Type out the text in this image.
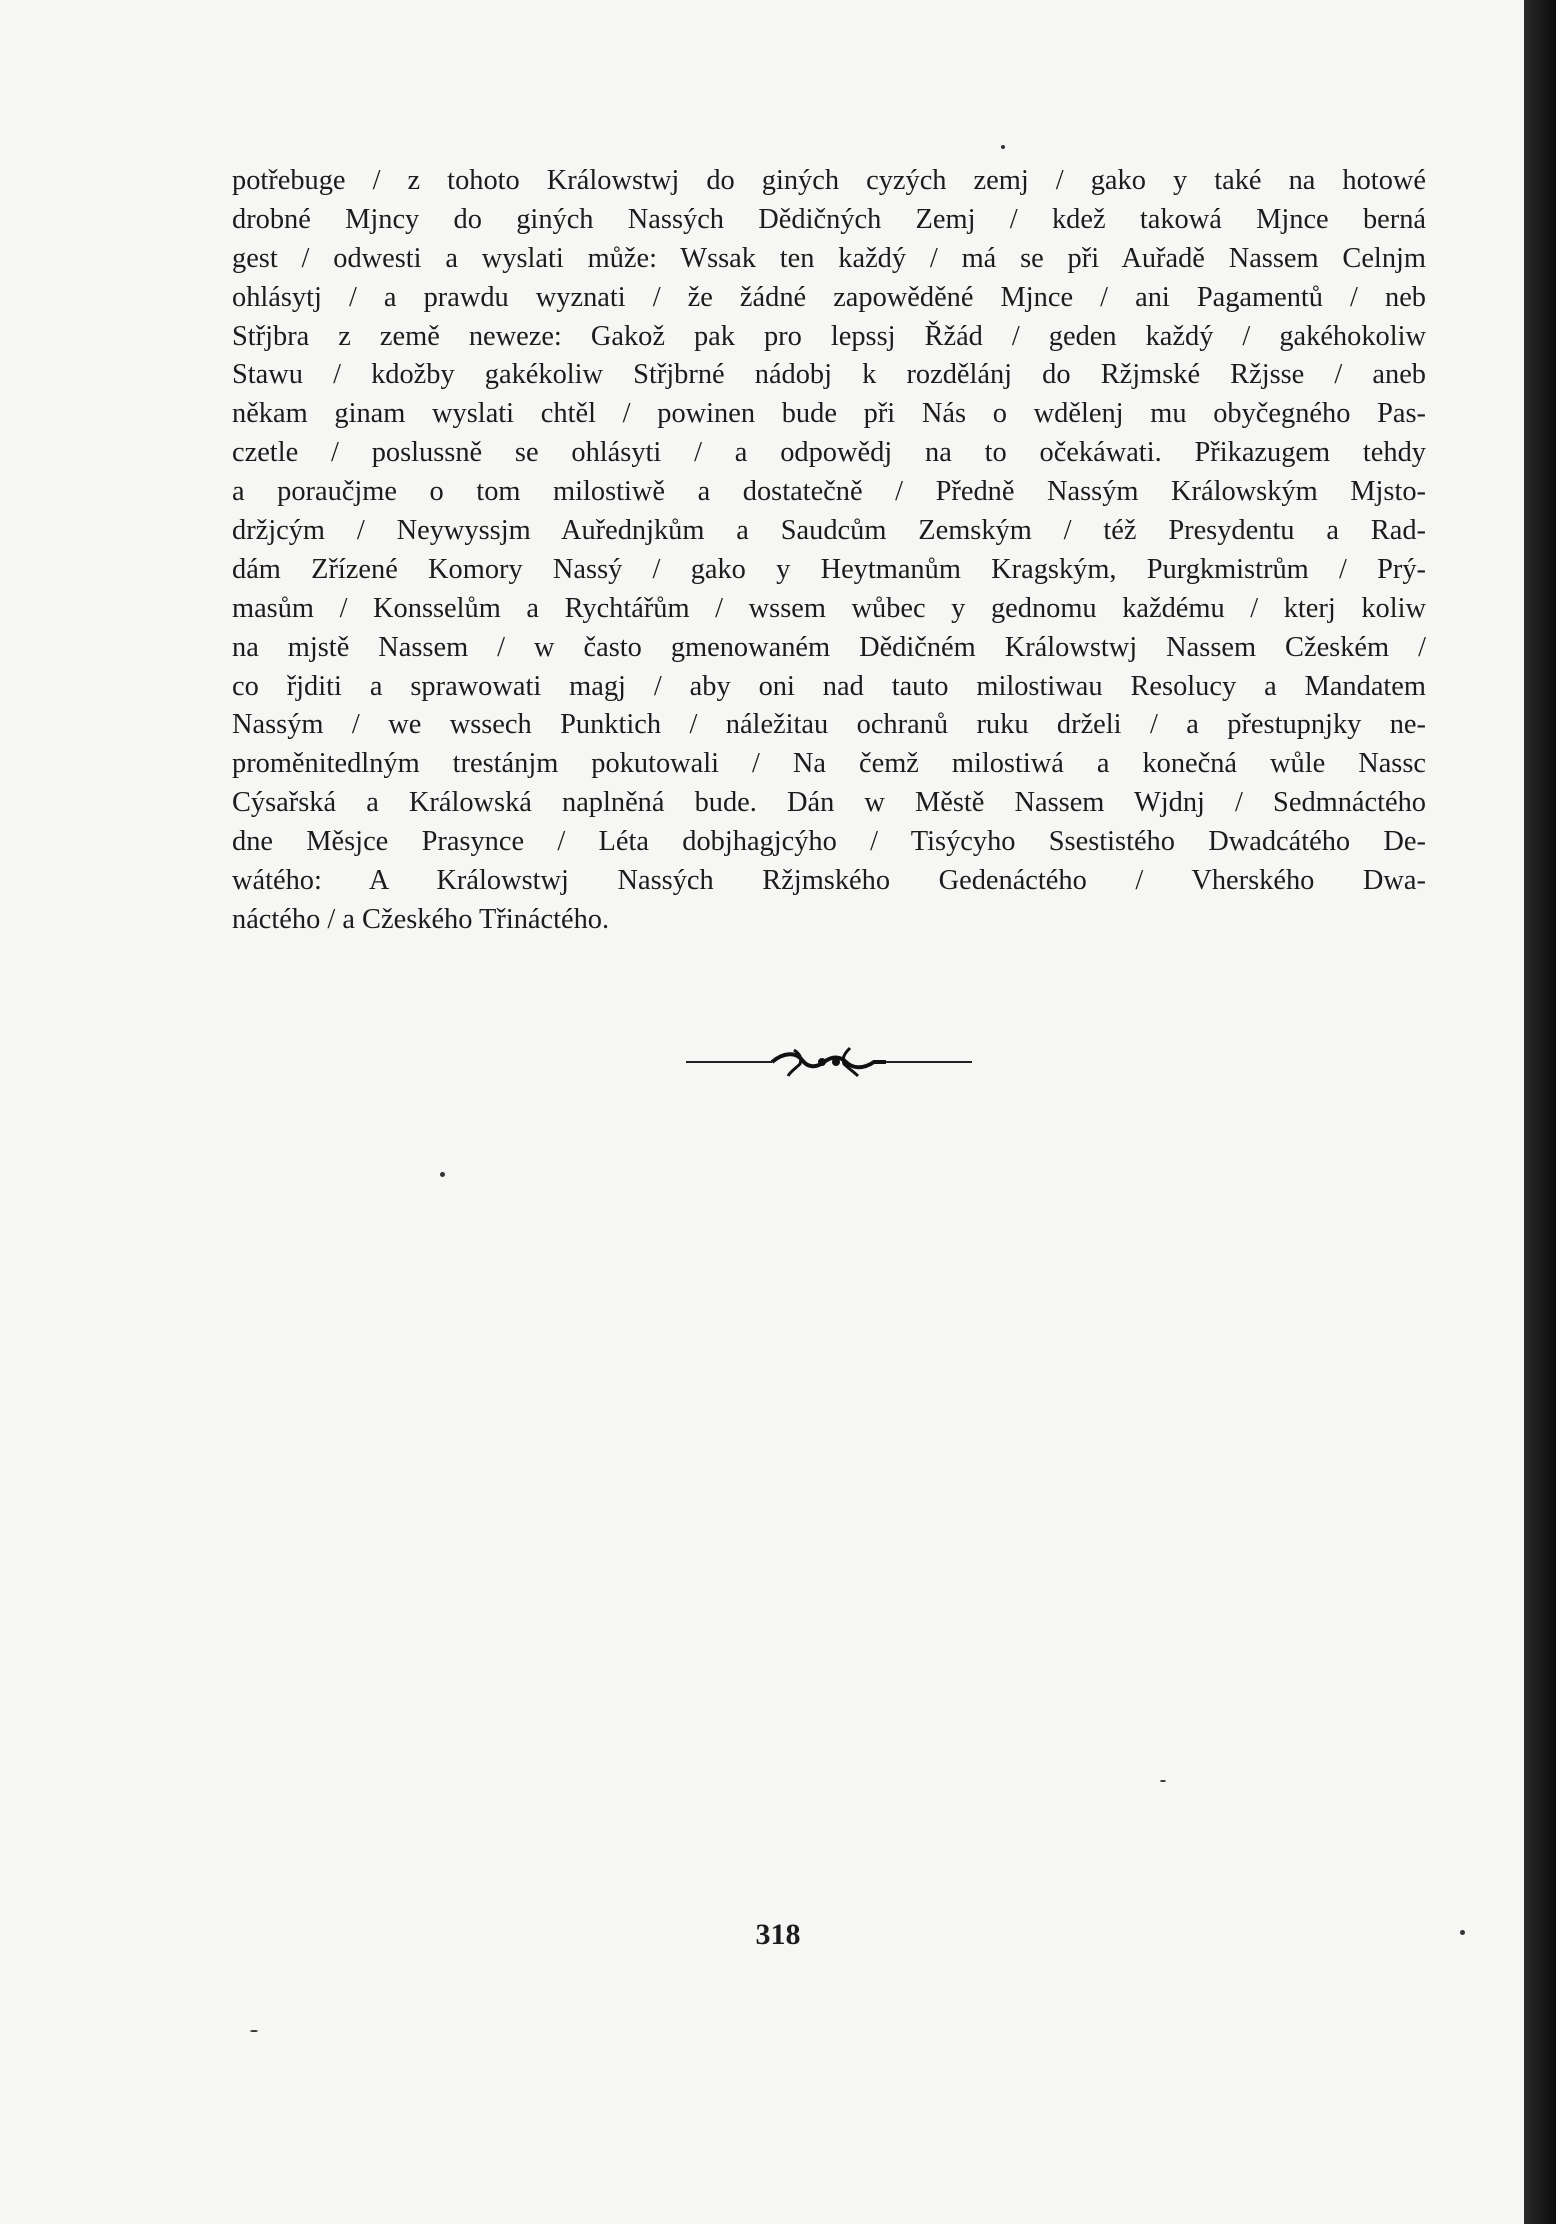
potřebuge / z tohoto Králowstwj do giných cyzých zemj / gako y také na hotowé
drobné Mjncy do giných Nassých Dědičných Zemj / kdež takowá Mjnce berná
gest / odwesti a wyslati může: Wssak ten každý / má se při Auřadě Nassem Celnjm
ohlásytj / a prawdu wyznati / že žádné zapowěděné Mjnce / ani Pagamentů / neb
Střjbra z země neweze: Gakož pak pro lepssj Řžád / geden každý / gakéhokoliw
Stawu / kdožby gakékoliw Střjbrné nádobj k rozdělánj do Ržjmské Ržjsse / aneb
někam ginam wyslati chtěl / powinen bude při Nás o wdělenj mu obyčegného Pas-
czetle / poslussně se ohlásyti / a odpowědj na to očekáwati. Přikazugem tehdy
a poraučjme o tom milostiwě a dostatečně / Předně Nassým Králowským Mjsto-
držjcým / Neywyssjm Auřednjkům a Saudcům Zemským / též Presydentu a Rad-
dám Zřízené Komory Nassý / gako y Heytmanům Kragským, Purgkmistrům / Prý-
masům / Konsselům a Rychtářům / wssem wůbec y gednomu každému / kterj koliw
na mjstě Nassem / w často gmenowaném Dědičném Králowstwj Nassem Cžeském /
co řjditi a sprawowati magj / aby oni nad tauto milostiwau Resolucy a Mandatem
Nassým / we wssech Punktich / náležitau ochranů ruku drželi / a přestupnjky ne-
proměnitedlným trestánjm pokutowali / Na čemž milostiwá a konečná wůle Nassc
Cýsařská a Králowská naplněná bude. Dán w Městě Nassem Wjdnj / Sedmnáctého
dne Měsjce Prasynce / Léta dobjhagjcýho / Tisýcyho Ssestistého Dwadcátého De-
wátého: A Králowstwj Nassých Ržjmského Gedenáctého / Vherského Dwa-
náctého / a Cžeského Třináctého.
318
